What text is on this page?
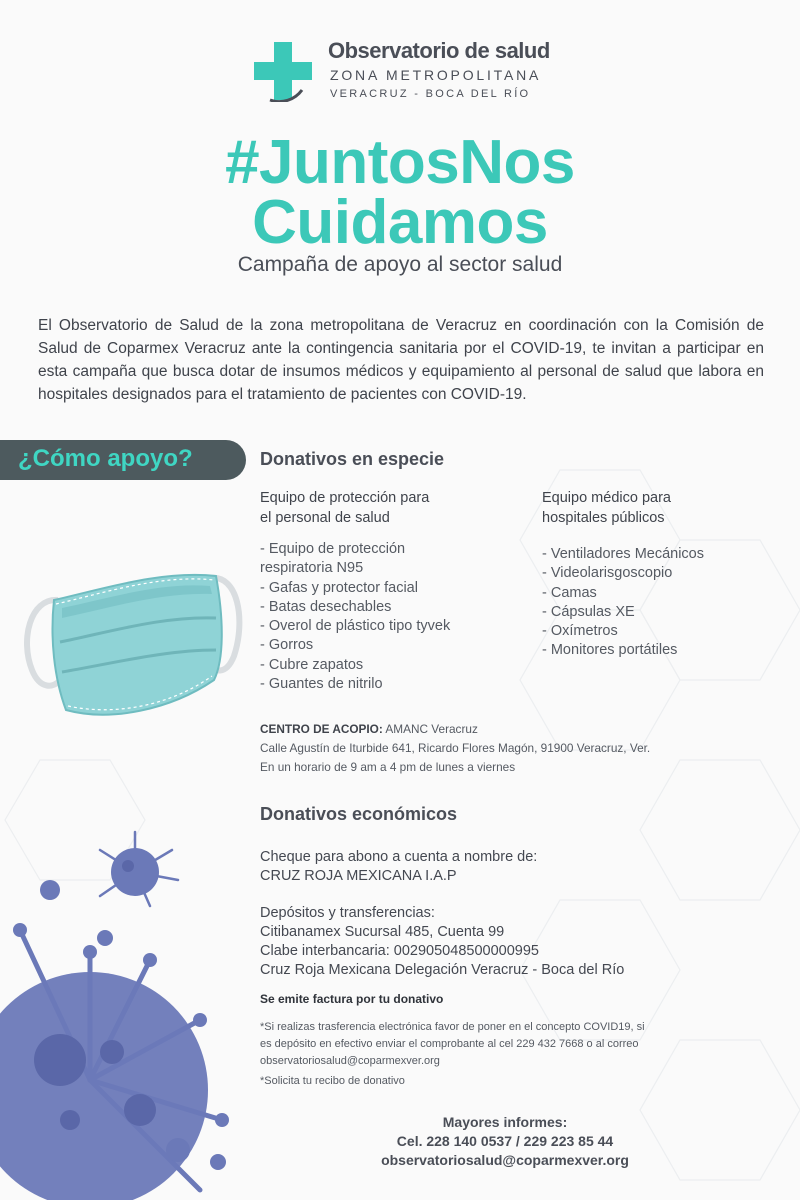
Observatorio de salud
ZONA METROPOLITANA
VERACRUZ - BOCA DEL RÍO
#JuntosNos
Cuidamos
Campaña de apoyo al sector salud

El Observatorio de Salud de la zona metropolitana de Veracruz en coordinación con la Comisión de Salud de Coparmex Veracruz ante la contingencia sanitaria por el COVID-19, te invitan a participar en esta campaña que busca dotar de insumos médicos y equipamiento al personal de salud que labora en hospitales designados para el tratamiento de pacientes con COVID-19.

¿Cómo apoyo?	Donativos en especie
Equipo de protección para
el personal de salud
- Equipo de protección
respiratoria N95
- Gafas y protector facial
- Batas desechables
- Overol de plástico tipo tyvek
- Gorros
- Cubre zapatos
- Guantes de nitrilo
Equipo médico para
hospitales públicos
- Ventiladores Mecánicos
- Videolarisgoscopio
- Camas
- Cápsulas XE
- Oxímetros
- Monitores portátiles
CENTRO DE ACOPIO: AMANC Veracruz
Calle Agustín de Iturbide 641, Ricardo Flores Magón, 91900 Veracruz, Ver.
En un horario de 9 am a 4 pm de lunes a viernes
Donativos económicos
Cheque para abono a cuenta a nombre de:
CRUZ ROJA MEXICANA I.A.P
Depósitos y transferencias:
Citibanamex Sucursal 485, Cuenta 99
Clabe interbancaria: 002905048500000995
Cruz Roja Mexicana Delegación Veracruz - Boca del Río
Se emite factura por tu donativo
*Si realizas trasferencia electrónica favor de poner en el concepto COVID19, si
es depósito en efectivo enviar el comprobante al cel 229 432 7668 o al correo
observatoriosalud@coparmexver.org
*Solicita tu recibo de donativo
Mayores informes:
Cel. 228 140 0537 / 229 223 85 44
observatoriosalud@coparmexver.org
